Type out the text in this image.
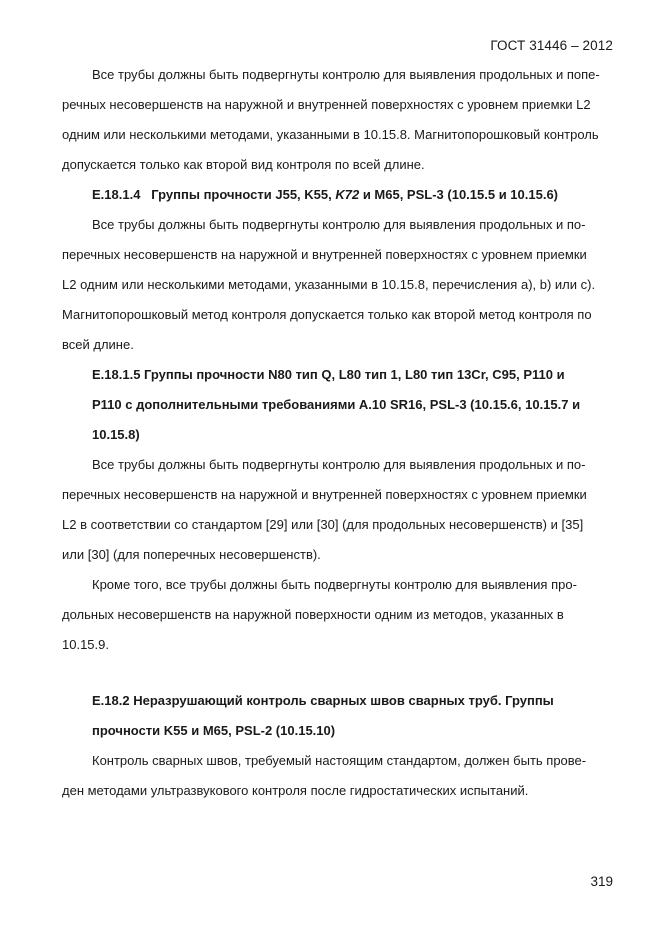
ГОСТ 31446 – 2012
Все трубы должны быть подвергнуты контролю для выявления продольных и попе-
речных несовершенств на наружной и внутренней поверхностях с уровнем приемки L2
одним или несколькими методами, указанными в 10.15.8. Магнитопорошковый контроль
допускается только как второй вид контроля по всей длине.
E.18.1.4 Группы прочности J55, K55, K72 и M65, PSL-3 (10.15.5 и 10.15.6)
Все трубы должны быть подвергнуты контролю для выявления продольных и по-
перечных несовершенств на наружной и внутренней поверхностях с уровнем приемки
L2 одним или несколькими методами, указанными в 10.15.8, перечисления а), b) или с).
Магнитопорошковый метод контроля допускается только как второй метод контроля по
всей длине.
E.18.1.5 Группы прочности N80 тип Q, L80 тип 1, L80 тип 13Cr, C95, P110 и
P110 с дополнительными требованиями A.10 SR16, PSL-3 (10.15.6, 10.15.7 и
10.15.8)
Все трубы должны быть подвергнуты контролю для выявления продольных и по-
перечных несовершенств на наружной и внутренней поверхностях с уровнем приемки
L2 в соответствии со стандартом [29] или [30] (для продольных несовершенств) и [35]
или [30] (для поперечных несовершенств).
Кроме того, все трубы должны быть подвергнуты контролю для выявления про-
дольных несовершенств на наружной поверхности одним из методов, указанных в
10.15.9.
E.18.2 Неразрушающий контроль сварных швов сварных труб. Группы
прочности K55 и M65, PSL-2 (10.15.10)
Контроль сварных швов, требуемый настоящим стандартом, должен быть прове-
ден методами ультразвукового контроля после гидростатических испытаний.
319
